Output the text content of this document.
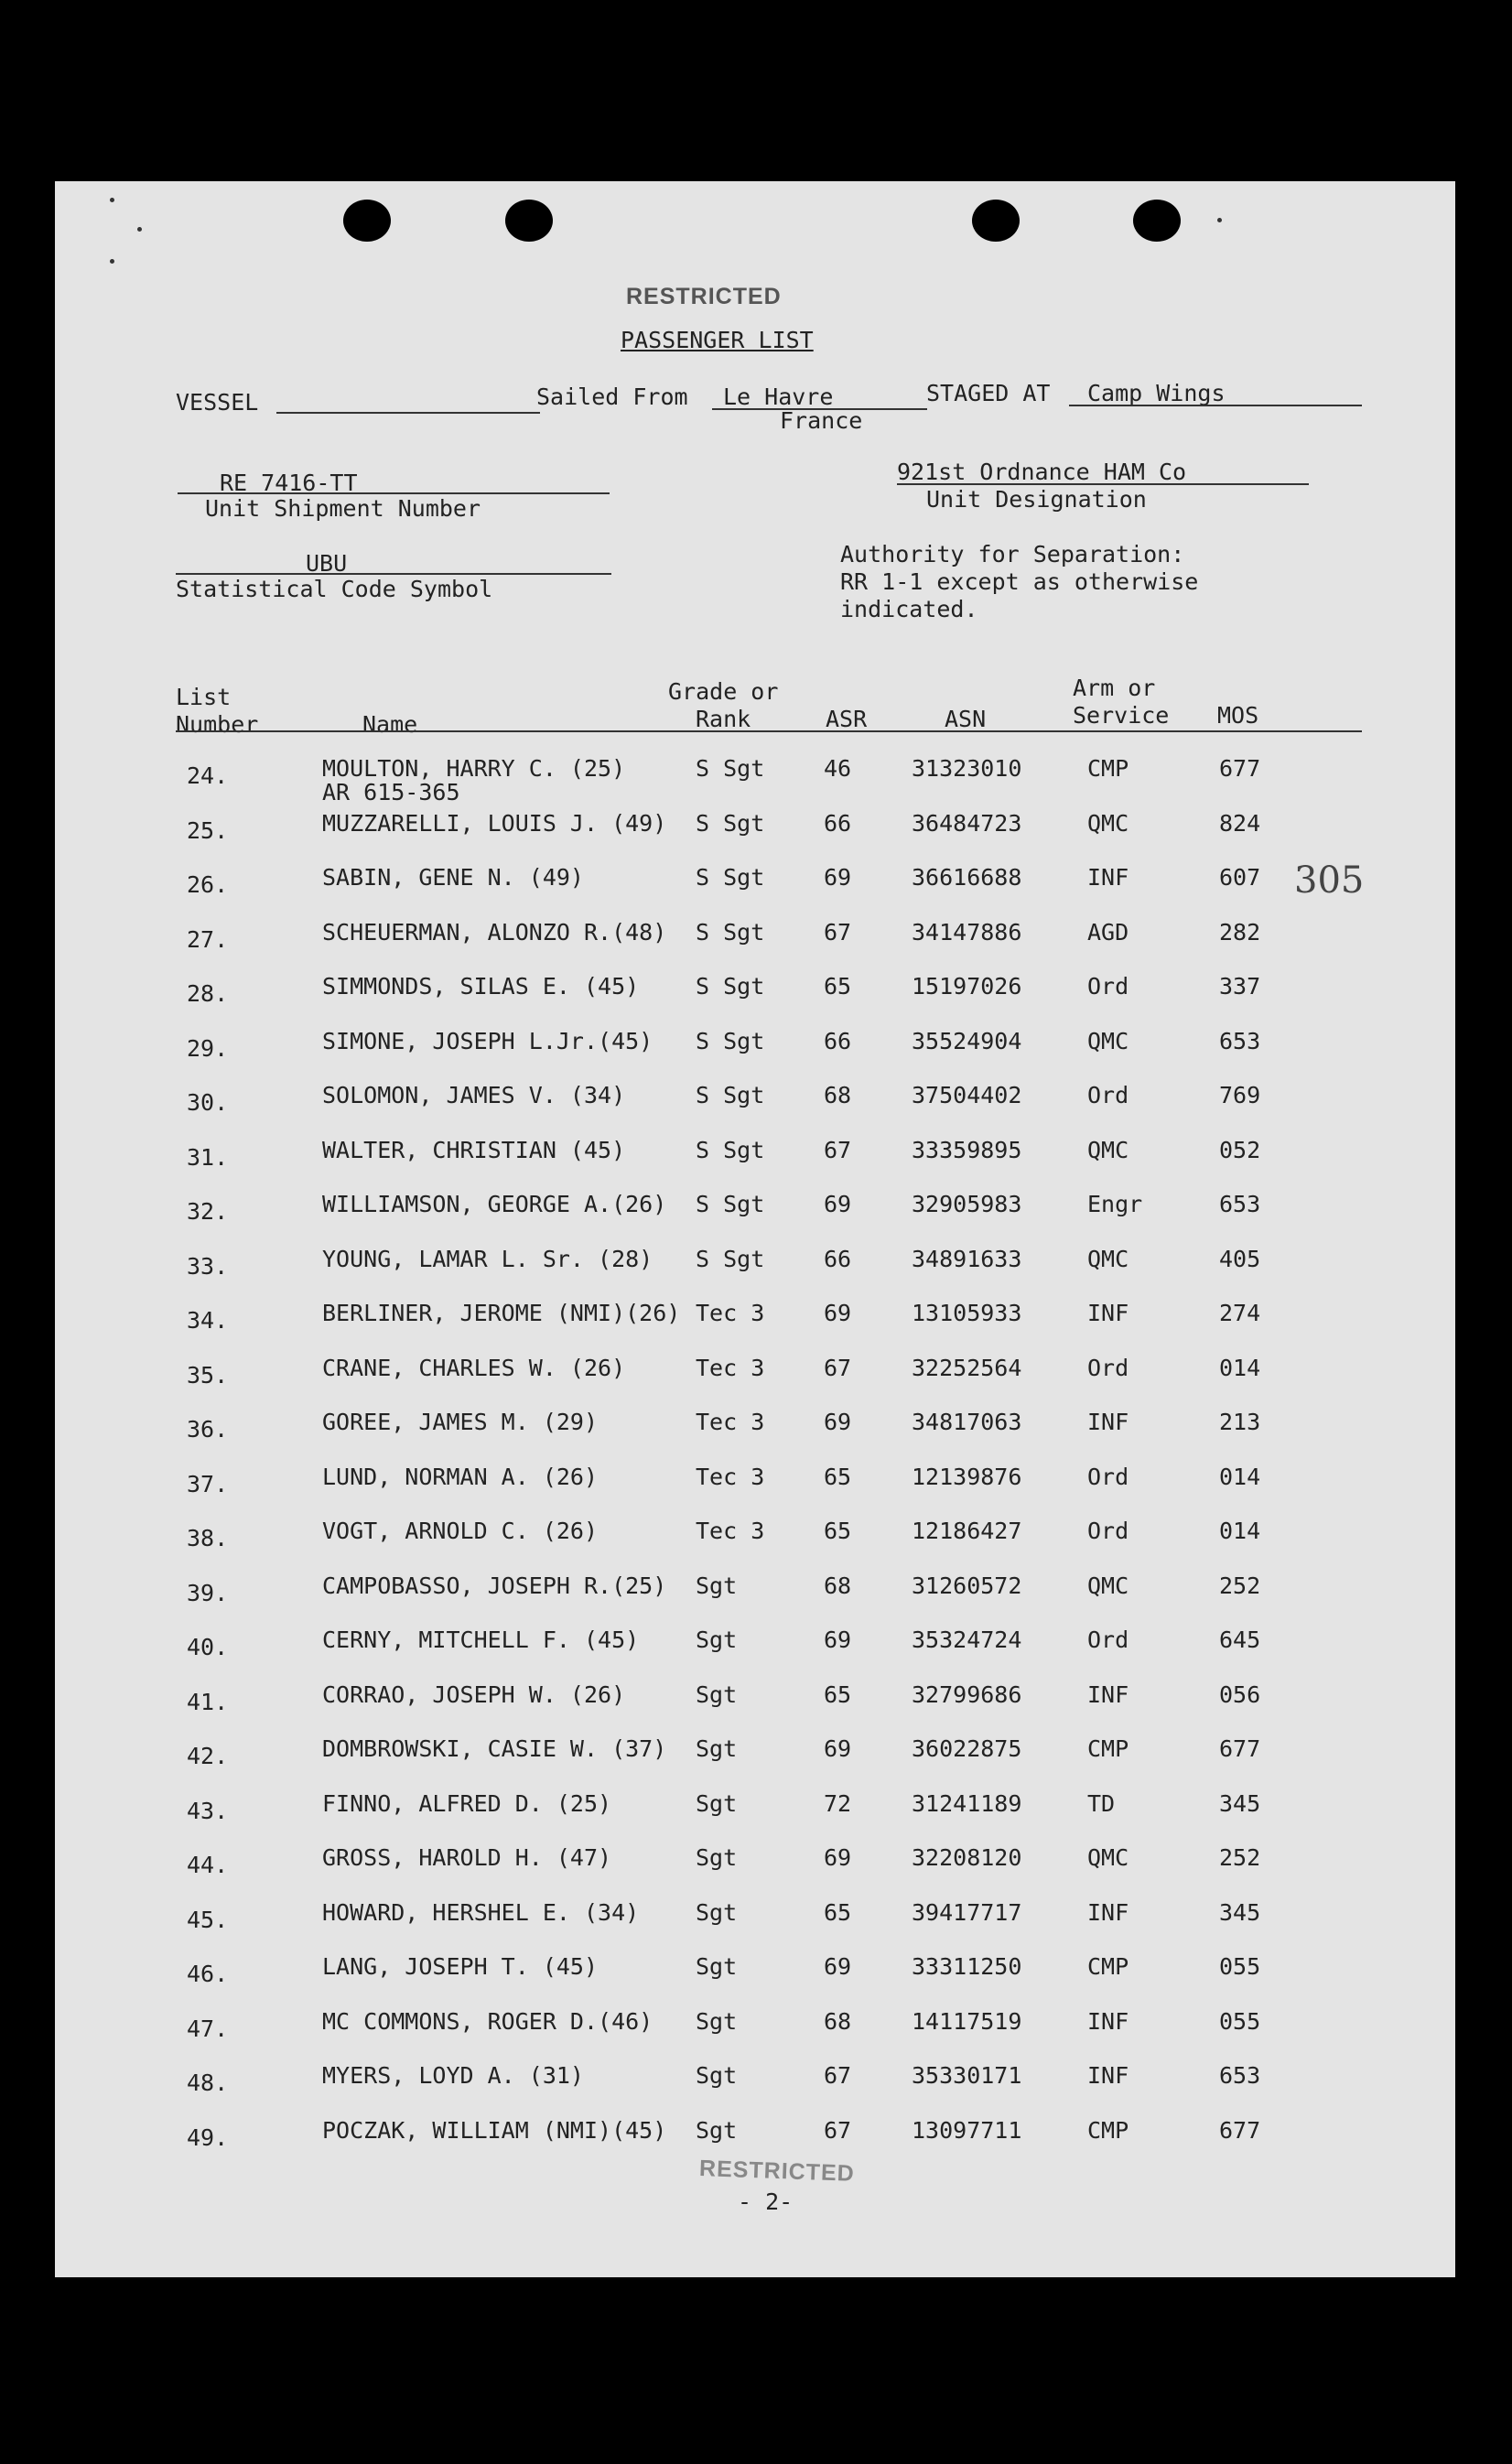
RESTRICTED
PASSENGER LIST
VESSEL	Sailed From Le Havre
France
STAGED AT Camp Wings
RE 7416-TT
Unit Shipment Number
921st Ordnance HAM Co
Unit Designation
UBU
Statistical Code Symbol
Authority for Separation:
RR 1-1 except as otherwise
indicated.
List
Number	Name
Grade or
Rank	ASR	ASN
Arm or
Service MOS
305
24.	MOULTON, HARRY C. (25)	S Sgt	46	31323010	CMP	677
AR 615-365
25.	MUZZARELLI, LOUIS J. (49) S Sgt	66	36484723	QMC	824
26.	SABIN, GENE N. (49)	S Sgt	69	36616688	INF	607
27.	SCHEUERMAN, ALONZO R.(48) S Sgt	67	34147886	AGD	282
28.	SIMMONDS, SILAS E. (45) S Sgt	65	15197026	Ord	337
29.	SIMONE, JOSEPH L.Jr.(45) S Sgt	66	35524904	QMC	653
30.	SOLOMON, JAMES V. (34)	S Sgt	68	37504402	Ord	769
31.	WALTER, CHRISTIAN (45)	S Sgt	67	33359895	QMC	052
32.	WILLIAMSON, GEORGE A.(26) S Sgt	69	32905983	Engr	653
33.	YOUNG, LAMAR L. Sr. (28) S Sgt	66	34891633	QMC	405
34.	BERLINER, JEROME (NMI)(26) Tec 3	69	13105933	INF	274
35.	CRANE, CHARLES W. (26)	Tec 3	67	32252564	Ord	014
36.	GOREE, JAMES M. (29)	Tec 3	69	34817063	INF	213
37.	LUND, NORMAN A. (26)	Tec 3	65	12139876	Ord	014
38.	VOGT, ARNOLD C. (26)	Tec 3	65	12186427	Ord	014
39.	CAMPOBASSO, JOSEPH R.(25) Sgt	68	31260572	QMC	252
40.	CERNY, MITCHELL F. (45) Sgt	69	35324724	Ord	645
41.	CORRAO, JOSEPH W. (26)	Sgt	65	32799686	INF	056
42.	DOMBROWSKI, CASIE W. (37) Sgt	69	36022875	CMP	677
43.	FINNO, ALFRED D. (25)	Sgt	72	31241189	TD	345
44.	GROSS, HAROLD H. (47)	Sgt	69	32208120	QMC	252
45.	HOWARD, HERSHEL E. (34) Sgt	65	39417717	INF	345
46.	LANG, JOSEPH T. (45)	Sgt	69	33311250	CMP	055
47.	MC COMMONS, ROGER D.(46) Sgt	68	14117519	INF	055
48.	MYERS, LOYD A. (31)	Sgt	67	35330171	INF	653
49.	POCZAK, WILLIAM (NMI)(45) Sgt	67	13097711	CMP	677
RESTRICTED
- 2-
